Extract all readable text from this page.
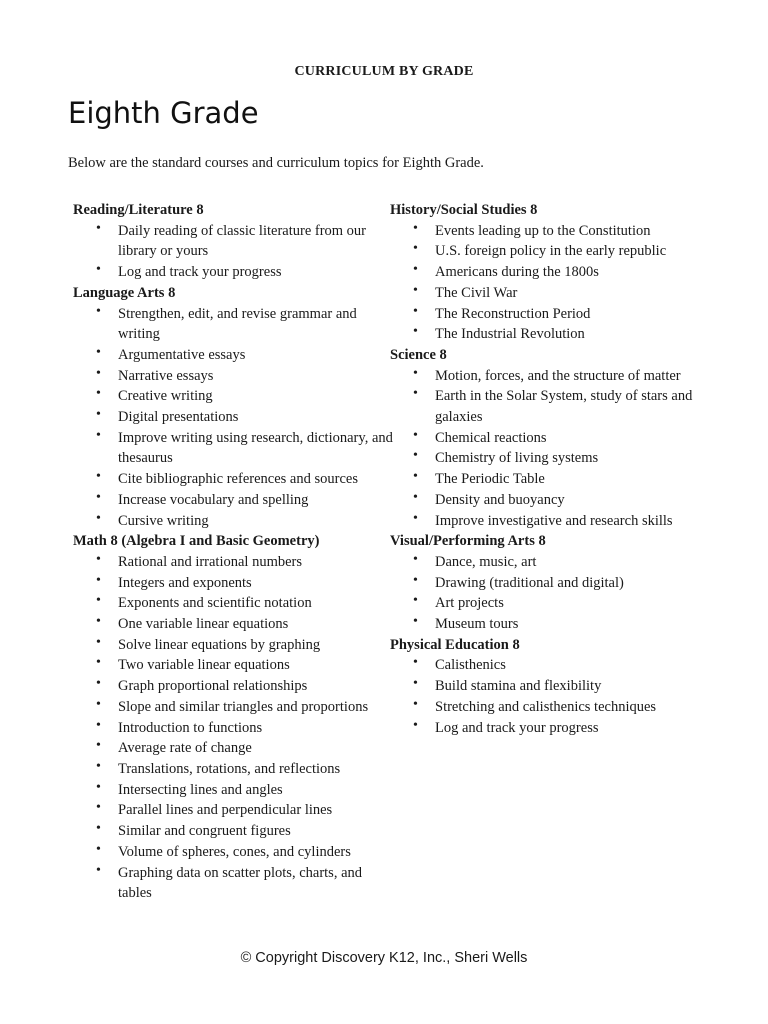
CURRICULUM BY GRADE
Eighth Grade

Below are the standard courses and curriculum topics for Eighth Grade.

Reading/Literature 8
• Daily reading of classic literature from our library or yours
• Log and track your progress
Language Arts 8
• Strengthen, edit, and revise grammar and writing
• Argumentative essays
• Narrative essays
• Creative writing
• Digital presentations
• Improve writing using research, dictionary, and thesaurus
• Cite bibliographic references and sources
• Increase vocabulary and spelling
• Cursive writing
Math 8 (Algebra I and Basic Geometry)
• Rational and irrational numbers
• Integers and exponents
• Exponents and scientific notation
• One variable linear equations
• Solve linear equations by graphing
• Two variable linear equations
• Graph proportional relationships
• Slope and similar triangles and proportions
• Introduction to functions
• Average rate of change
• Translations, rotations, and reflections
• Intersecting lines and angles
• Parallel lines and perpendicular lines
• Similar and congruent figures
• Volume of spheres, cones, and cylinders
• Graphing data on scatter plots, charts, and tables
History/Social Studies 8
• Events leading up to the Constitution
• U.S. foreign policy in the early republic
• Americans during the 1800s
• The Civil War
• The Reconstruction Period
• The Industrial Revolution
Science 8
• Motion, forces, and the structure of matter
• Earth in the Solar System, study of stars and galaxies
• Chemical reactions
• Chemistry of living systems
• The Periodic Table
• Density and buoyancy
• Improve investigative and research skills
Visual/Performing Arts 8
• Dance, music, art
• Drawing (traditional and digital)
• Art projects
• Museum tours
Physical Education 8
• Calisthenics
• Build stamina and flexibility
• Stretching and calisthenics techniques
• Log and track your progress
© Copyright Discovery K12, Inc., Sheri Wells
